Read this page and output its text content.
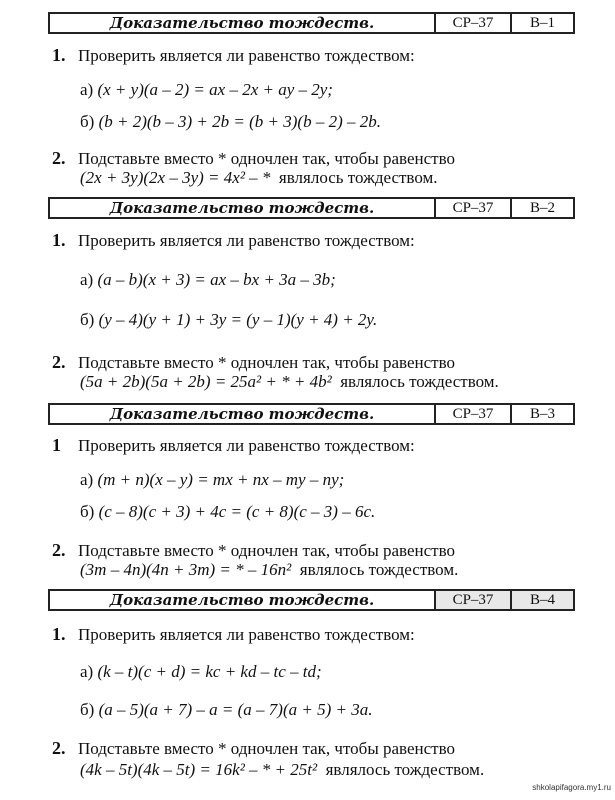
Доказательство тождеств.	СР–37	В–1
1. Проверить является ли равенство тождеством:
а) (x + y)(a – 2) = ax – 2x + ay – 2y;
б) (b + 2)(b – 3) + 2b = (b + 3)(b – 2) – 2b.
2. Подставьте вместо * одночлен так, чтобы равенство
(2x + 3y)(2x – 3y) = 4x² – * являлось тождеством.
Доказательство тождеств.	СР–37	В–2
1. Проверить является ли равенство тождеством:
а) (a – b)(x + 3) = ax – bx + 3a – 3b;
б) (y – 4)(y + 1) + 3y = (y – 1)(y + 4) + 2y.
2. Подставьте вместо * одночлен так, чтобы равенство
(5a + 2b)(5a + 2b) = 25a² + * + 4b² являлось тождеством.
Доказательство тождеств.	СР–37	В–3
1 Проверить является ли равенство тождеством:
а) (m + n)(x – y) = mx + nx – my – ny;
б) (c – 8)(c + 3) + 4c = (c + 8)(c – 3) – 6c.
2. Подставьте вместо * одночлен так, чтобы равенство
(3m – 4n)(4n + 3m) = * – 16n² являлось тождеством.
Доказательство тождеств.	СР–37	В–4
1. Проверить является ли равенство тождеством:
а) (k – t)(c + d) = kc + kd – tc – td;
б) (a – 5)(a + 7) – a = (a – 7)(a + 5) + 3a.
2. Подставьте вместо * одночлен так, чтобы равенство
(4k – 5t)(4k – 5t) = 16k² – * + 25t² являлось тождеством.
shkolapifagora.my1.ru
